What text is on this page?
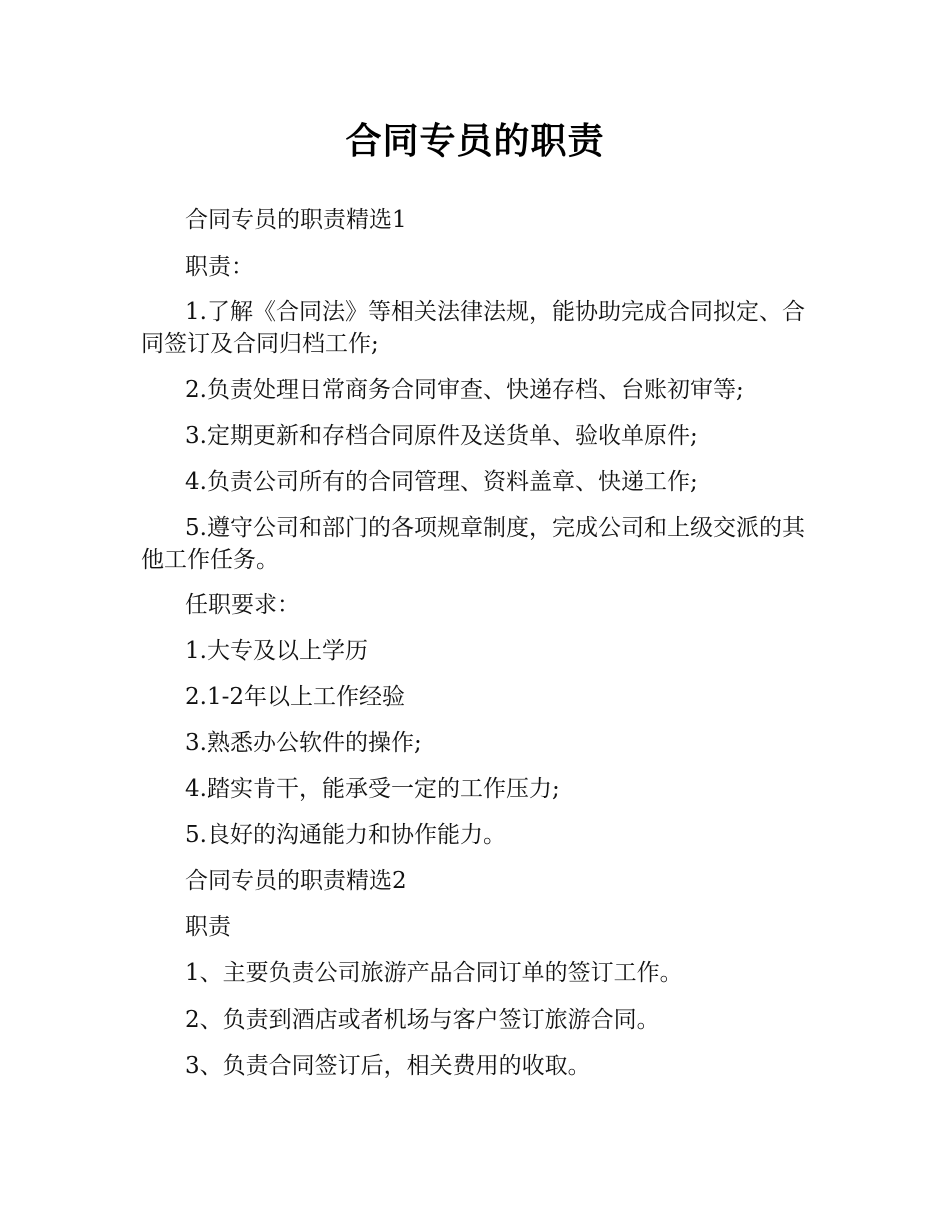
合同专员的职责

合同专员的职责精选1

职责：

1.了解《合同法》等相关法律法规，能协助完成合同拟定、合同签订及合同归档工作;

2.负责处理日常商务合同审查、快递存档、台账初审等;

3.定期更新和存档合同原件及送货单、验收单原件;

4.负责公司所有的合同管理、资料盖章、快递工作;

5.遵守公司和部门的各项规章制度，完成公司和上级交派的其他工作任务。

任职要求：

1.大专及以上学历

2.1-2年以上工作经验

3.熟悉办公软件的操作;

4.踏实肯干，能承受一定的工作压力;

5.良好的沟通能力和协作能力。

合同专员的职责精选2

职责

1、主要负责公司旅游产品合同订单的签订工作。

2、负责到酒店或者机场与客户签订旅游合同。

3、负责合同签订后，相关费用的收取。
